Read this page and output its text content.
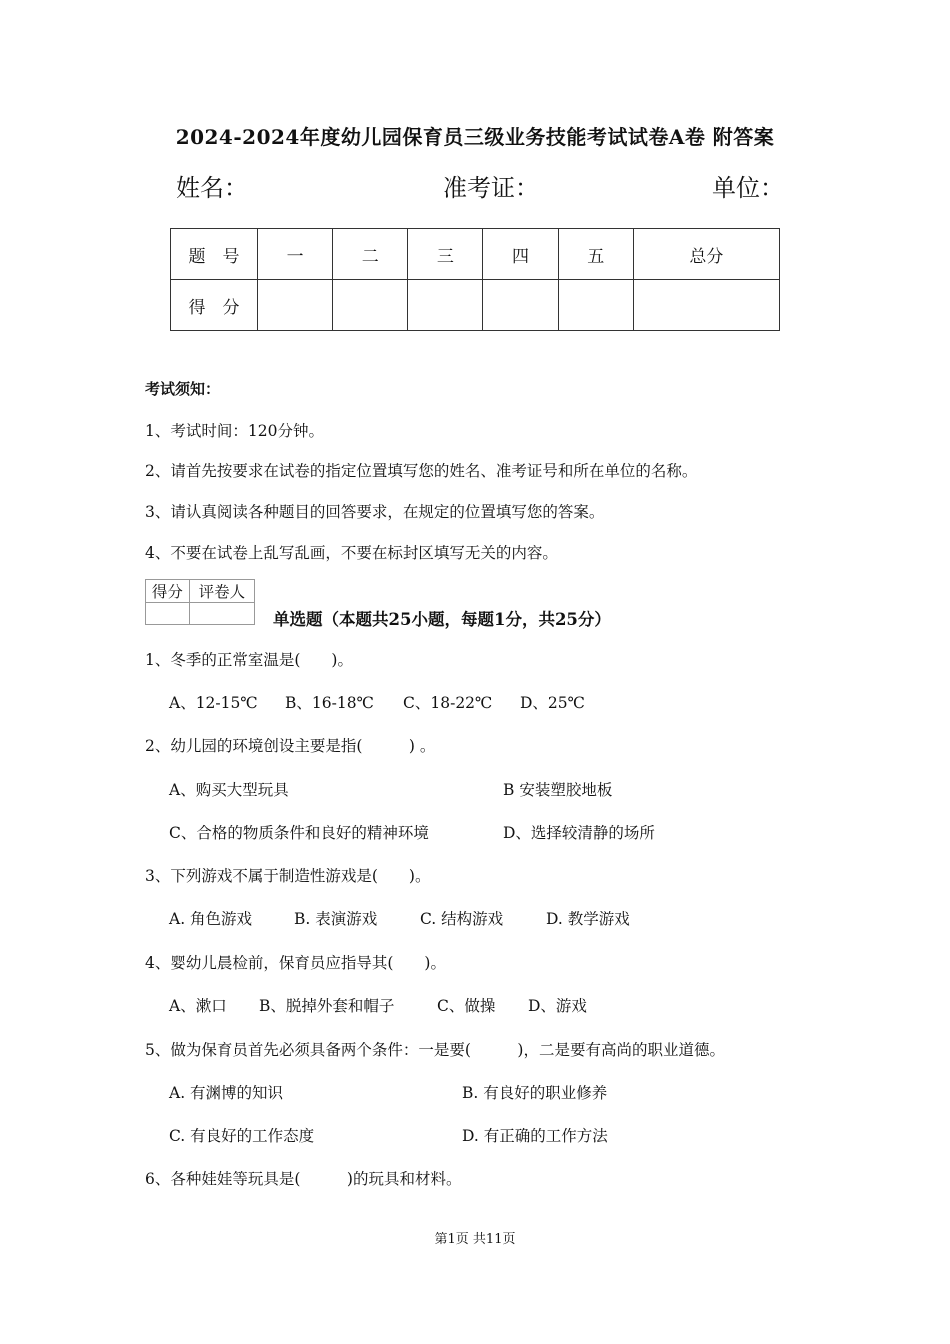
2024-2024年度幼儿园保育员三级业务技能考试试卷A卷 附答案
姓名：	准考证：	单位：
题　号	一	二	三	四	五	总分
得　分						
考试须知：
1、考试时间：120分钟。
2、请首先按要求在试卷的指定位置填写您的姓名、准考证号和所在单位的名称。
3、请认真阅读各种题目的回答要求，在规定的位置填写您的答案。
4、不要在试卷上乱写乱画，不要在标封区填写无关的内容。
得分	评卷人

单选题（本题共25小题，每题1分，共25分）
1、冬季的正常室温是(　　)。
A、12-15℃ B、16-18℃ C、18-22℃ D、25℃
2、幼儿园的环境创设主要是指(　　　) 。
A、购买大型玩具	B 安装塑胶地板
C、合格的物质条件和良好的精神环境	D、选择较清静的场所
3、下列游戏不属于制造性游戏是(　　)。
A. 角色游戏	B. 表演游戏	C. 结构游戏	D. 教学游戏
4、婴幼儿晨检前，保育员应指导其(　　)。
A、漱口 B、脱掉外套和帽子	C、做操 D、游戏
5、做为保育员首先必须具备两个条件：一是要(　　　)，二是要有高尚的职业道德。
A. 有渊博的知识	B. 有良好的职业修养
C. 有良好的工作态度	D. 有正确的工作方法
6、各种娃娃等玩具是(　　　)的玩具和材料。
第1页 共11页
